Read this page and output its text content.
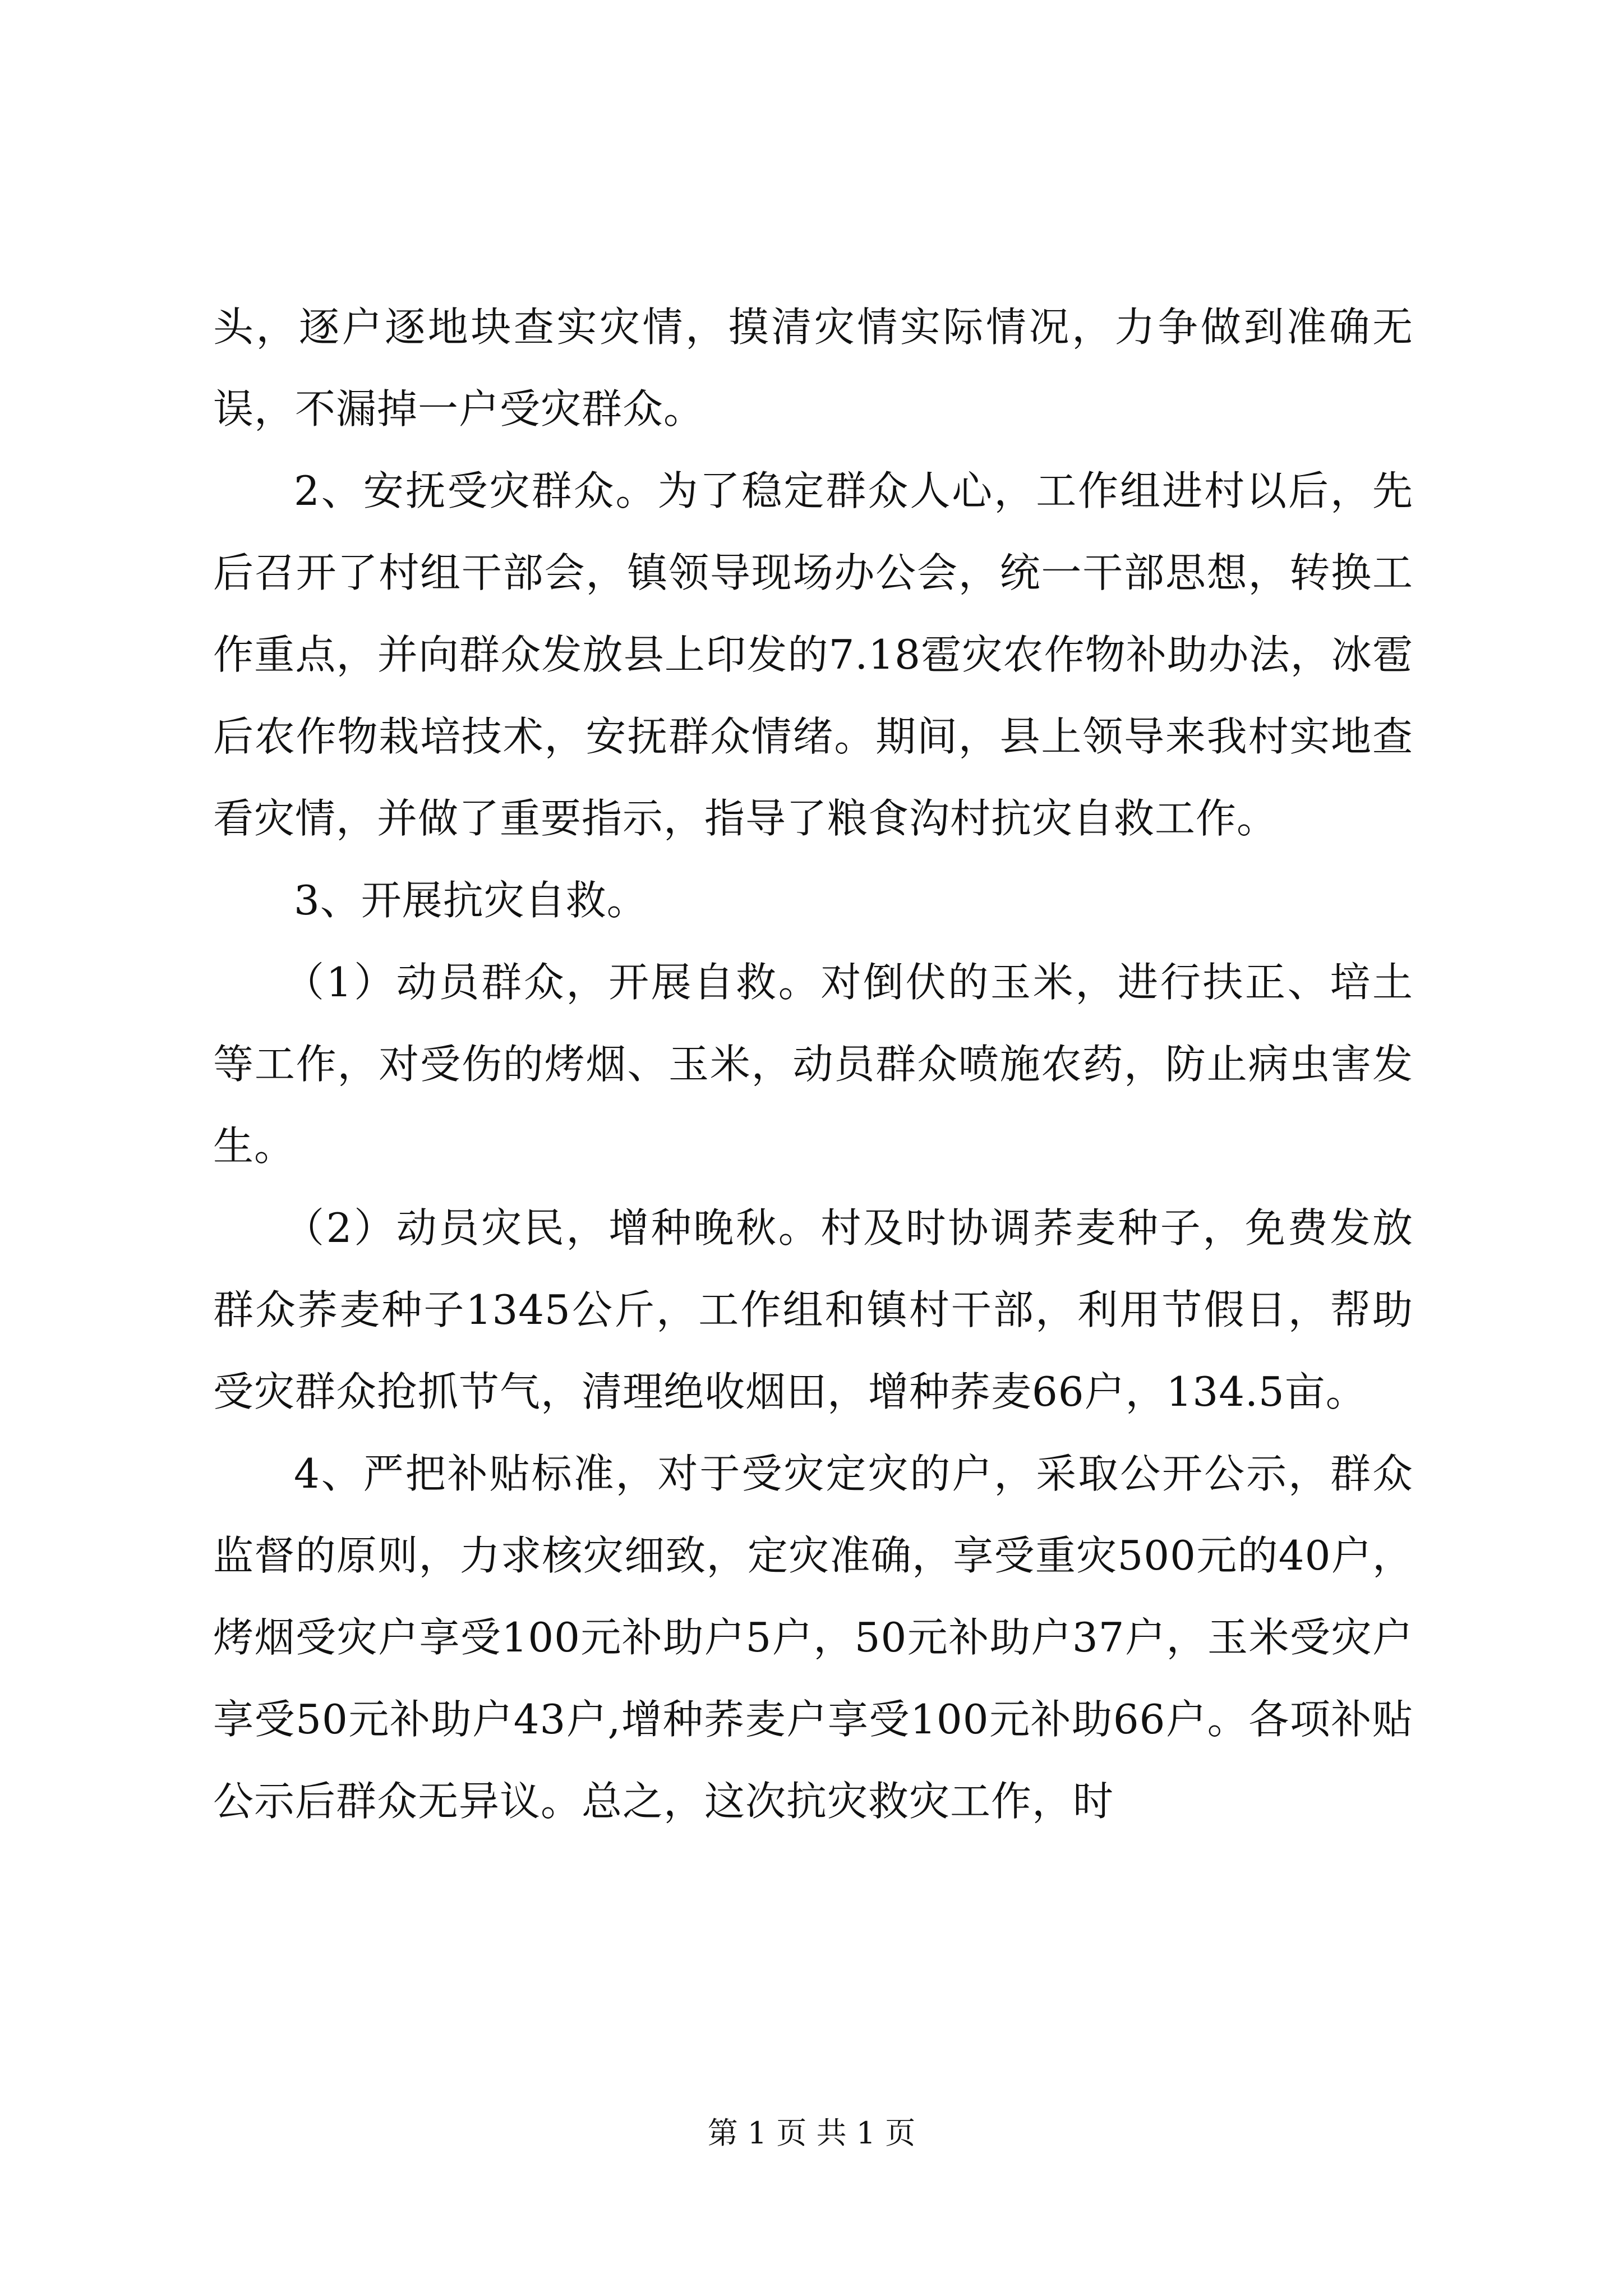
头，逐户逐地块查实灾情，摸清灾情实际情况，力争做到准确无误，不漏掉一户受灾群众。

2、安抚受灾群众。为了稳定群众人心，工作组进村以后，先后召开了村组干部会，镇领导现场办公会，统一干部思想，转换工作重点，并向群众发放县上印发的7.18雹灾农作物补助办法，冰雹后农作物栽培技术，安抚群众情绪。期间，县上领导来我村实地查看灾情，并做了重要指示，指导了粮食沟村抗灾自救工作。

3、开展抗灾自救。

（1）动员群众，开展自救。对倒伏的玉米，进行扶正、培土等工作，对受伤的烤烟、玉米，动员群众喷施农药，防止病虫害发生。

（2）动员灾民，增种晚秋。村及时协调荞麦种子，免费发放群众荞麦种子1345公斤，工作组和镇村干部，利用节假日，帮助受灾群众抢抓节气，清理绝收烟田，增种荞麦66户，134.5亩。

4、严把补贴标准，对于受灾定灾的户，采取公开公示，群众监督的原则，力求核灾细致，定灾准确，享受重灾500元的40户，烤烟受灾户享受100元补助户5户，50元补助户37户，玉米受灾户享受50元补助户43户,增种荞麦户享受100元补助66户。各项补贴公示后群众无异议。总之，这次抗灾救灾工作，时

第 1 页 共 1 页
